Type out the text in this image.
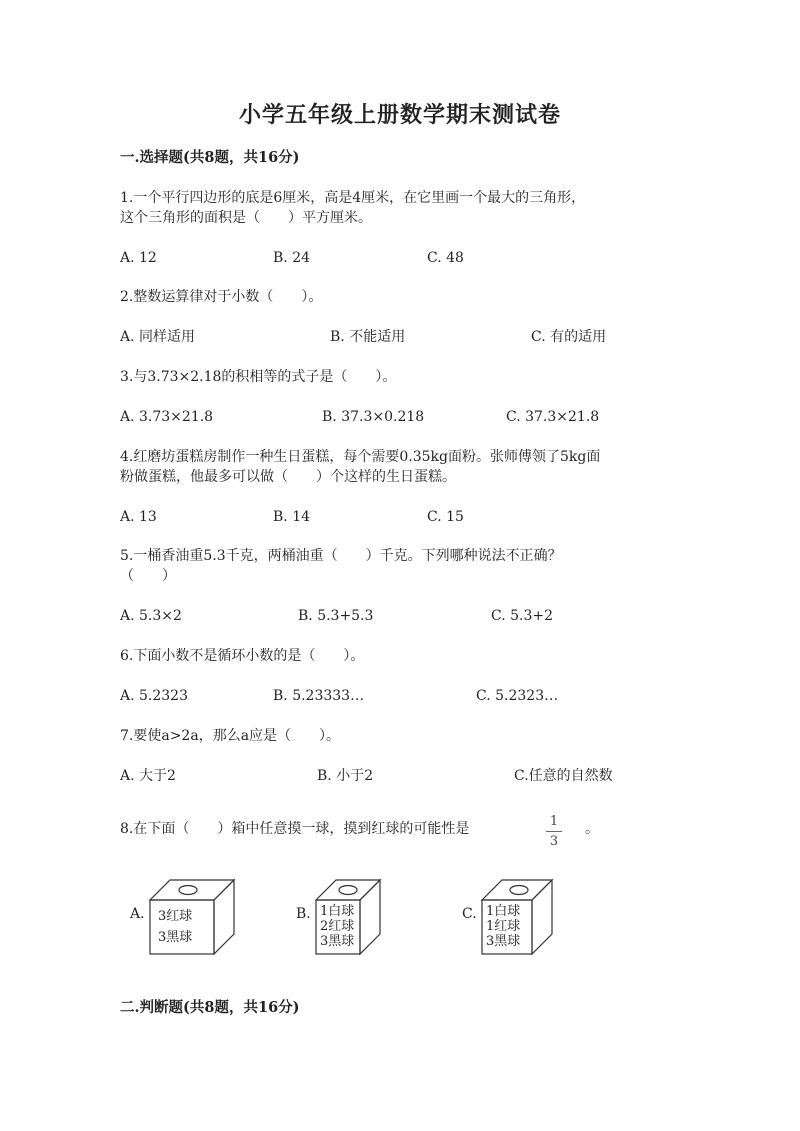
小学五年级上册数学期末测试卷
一.选择题(共8题，共16分)
1.一个平行四边形的底是6厘米，高是4厘米，在它里画一个最大的三角形，
这个三角形的面积是（　　）平方厘米。
A. 12	B. 24	C. 48
2.整数运算律对于小数（　　）。
A. 同样适用	B. 不能适用	C. 有的适用
3.与3.73×2.18的积相等的式子是（　　）。
A. 3.73×21.8	B. 37.3×0.218	C. 37.3×21.8
4.红磨坊蛋糕房制作一种生日蛋糕，每个需要0.35kg面粉。张师傅领了5kg面
粉做蛋糕，他最多可以做（　　）个这样的生日蛋糕。
A. 13	B. 14	C. 15
5.一桶香油重5.3千克，两桶油重（　　）千克。下列哪种说法不正确？
（　　）
A. 5.3×2	B. 5.3+5.3	C. 5.3+2
6.下面小数不是循环小数的是（　　）。
A. 5.2323	B. 5.23333…	C. 5.2323…
7.要使a>2a，那么a应是（　　）。
A. 大于2	B. 小于2	C.任意的自然数
8.在下面（　　）箱中任意摸一球，摸到红球的可能性是	1
3
。
A. 3红球
3黑球
B. 1白球
2红球
3黑球
C. 1白球
1红球
3黑球
二.判断题(共8题，共16分)
